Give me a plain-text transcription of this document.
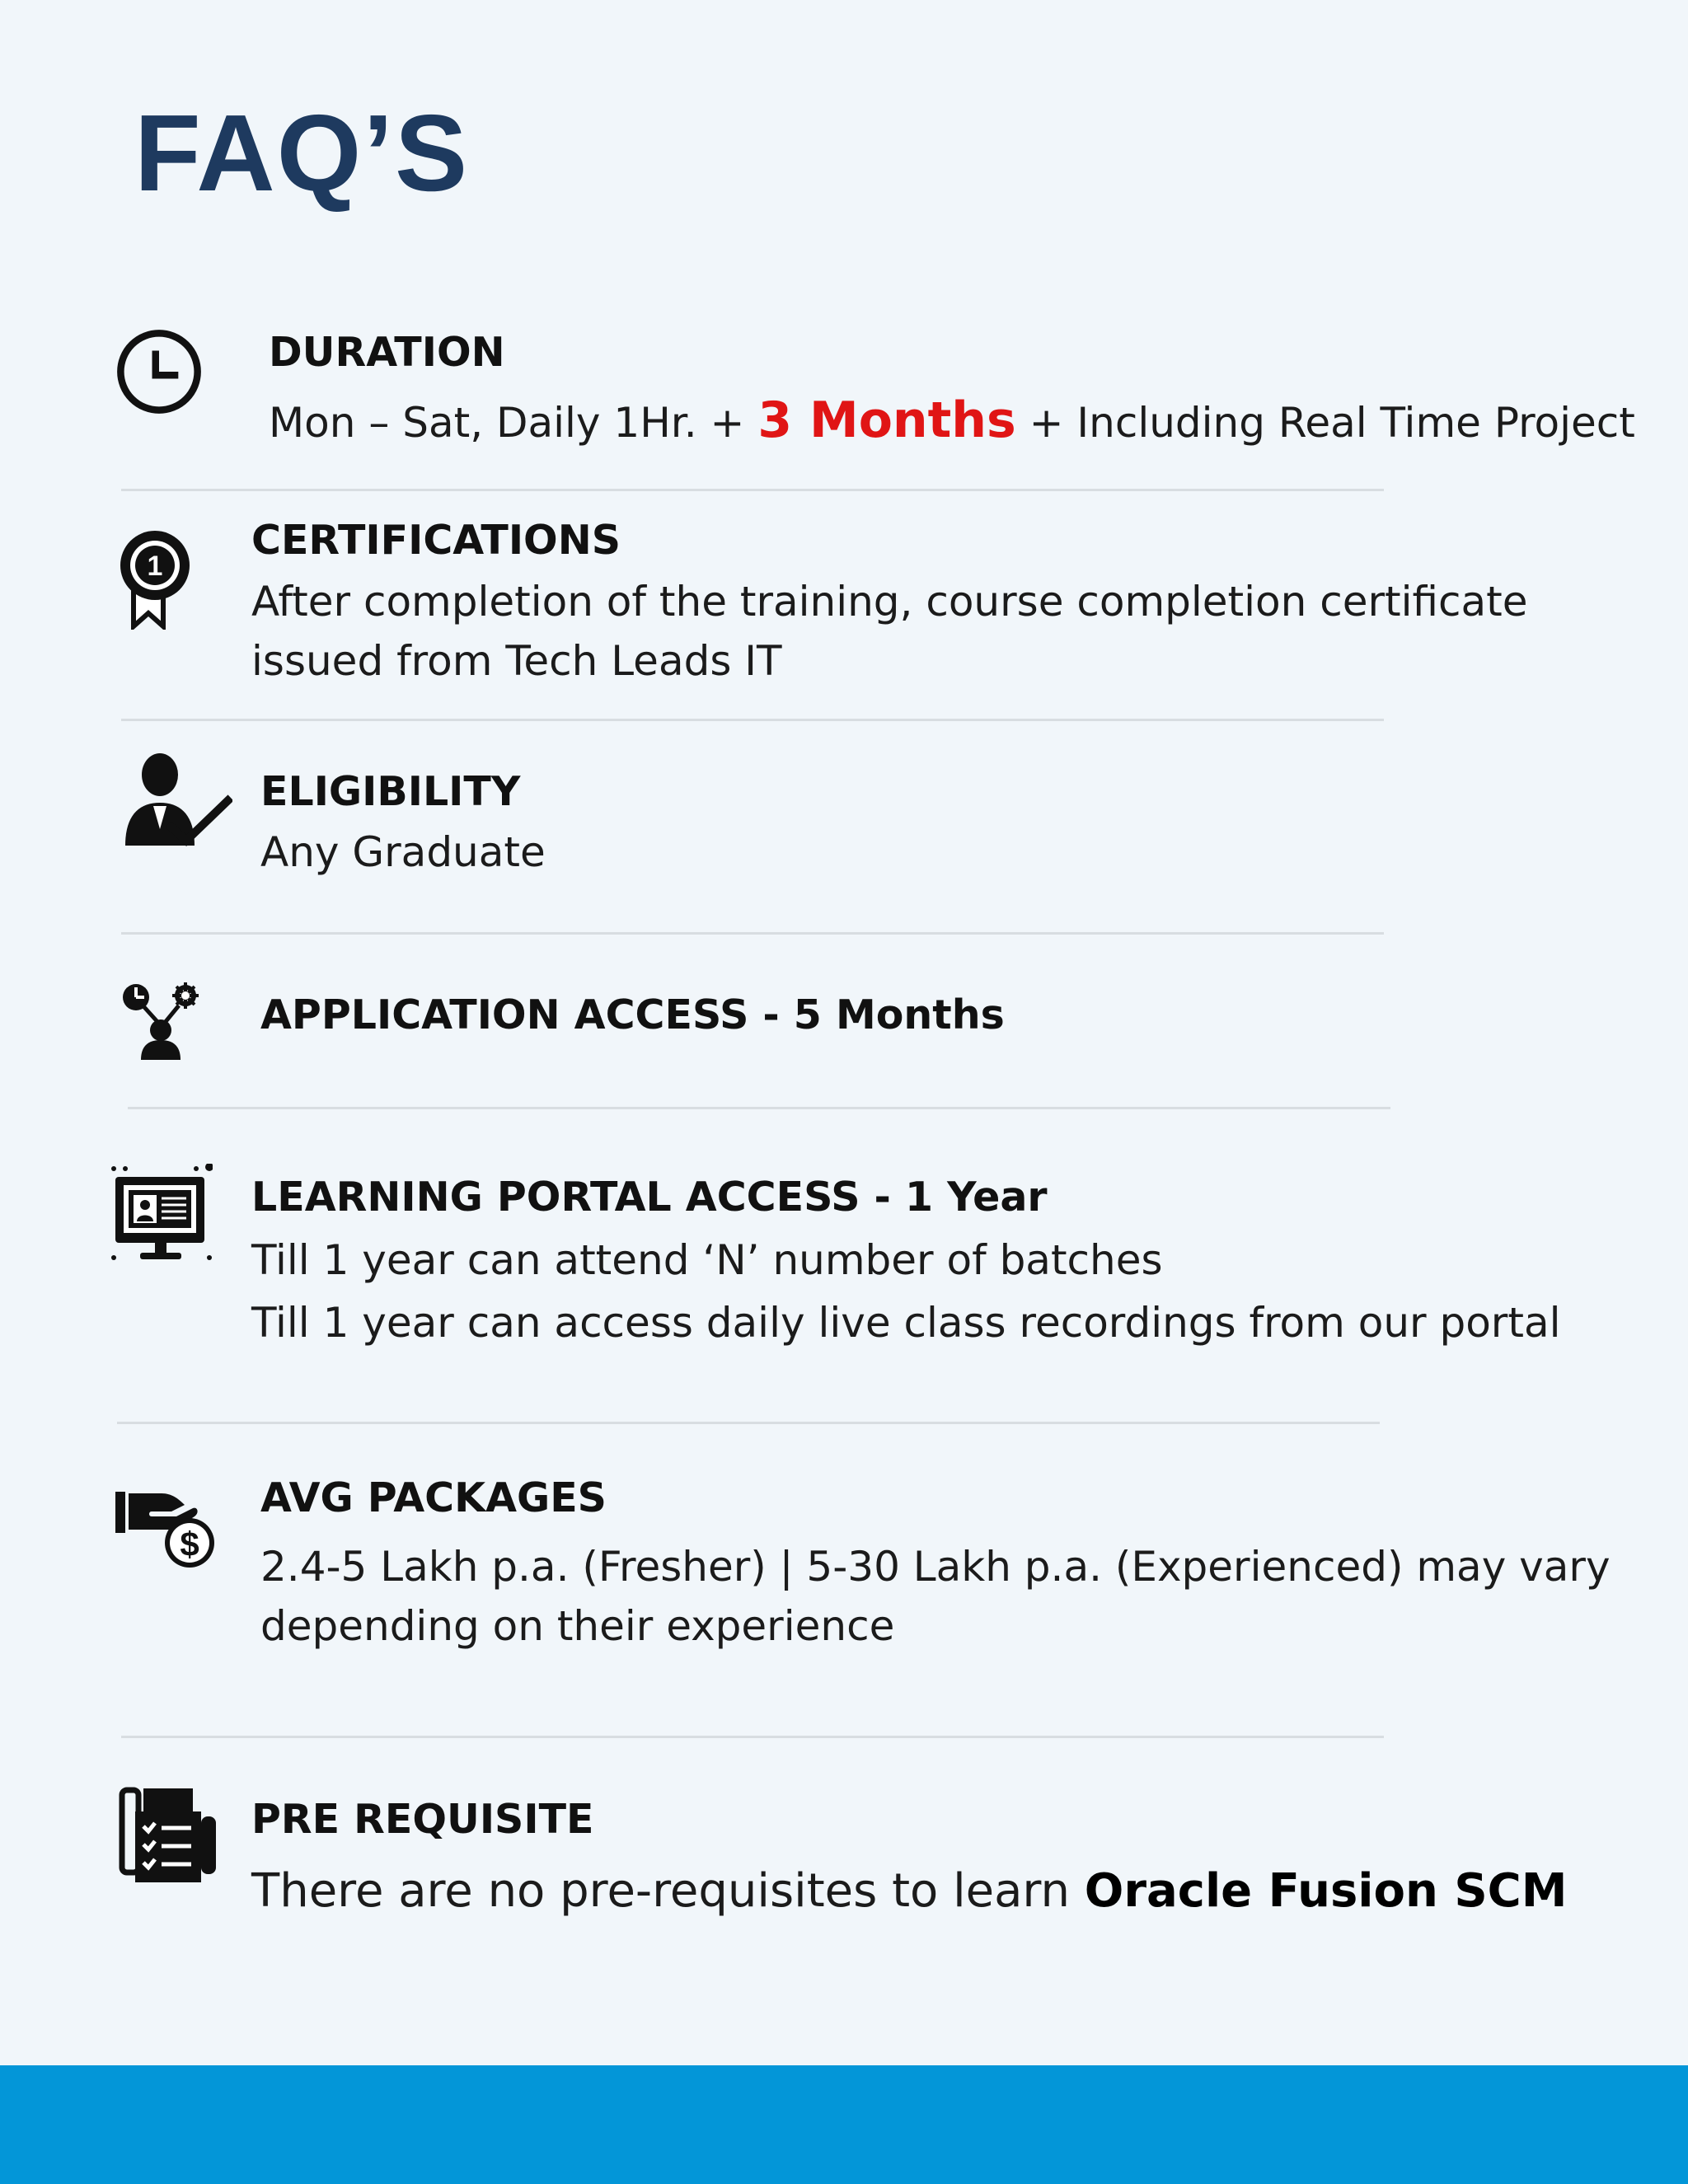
FAQ’S
DURATION
Mon – Sat, Daily 1Hr. + 3 Months + Including Real Time Project
1
CERTIFICATIONS
After completion of the training, course completion certificate
issued from Tech Leads IT
ELIGIBILITY
Any Graduate
APPLICATION ACCESS - 5 Months
LEARNING PORTAL ACCESS - 1 Year
Till 1 year can attend ‘N’ number of batches
Till 1 year can access daily live class recordings from our portal
$
AVG PACKAGES
2.4-5 Lakh p.a. (Fresher) | 5-30 Lakh p.a. (Experienced) may vary
depending on their experience
PRE REQUISITE
There are no pre-requisites to learn Oracle Fusion SCM
